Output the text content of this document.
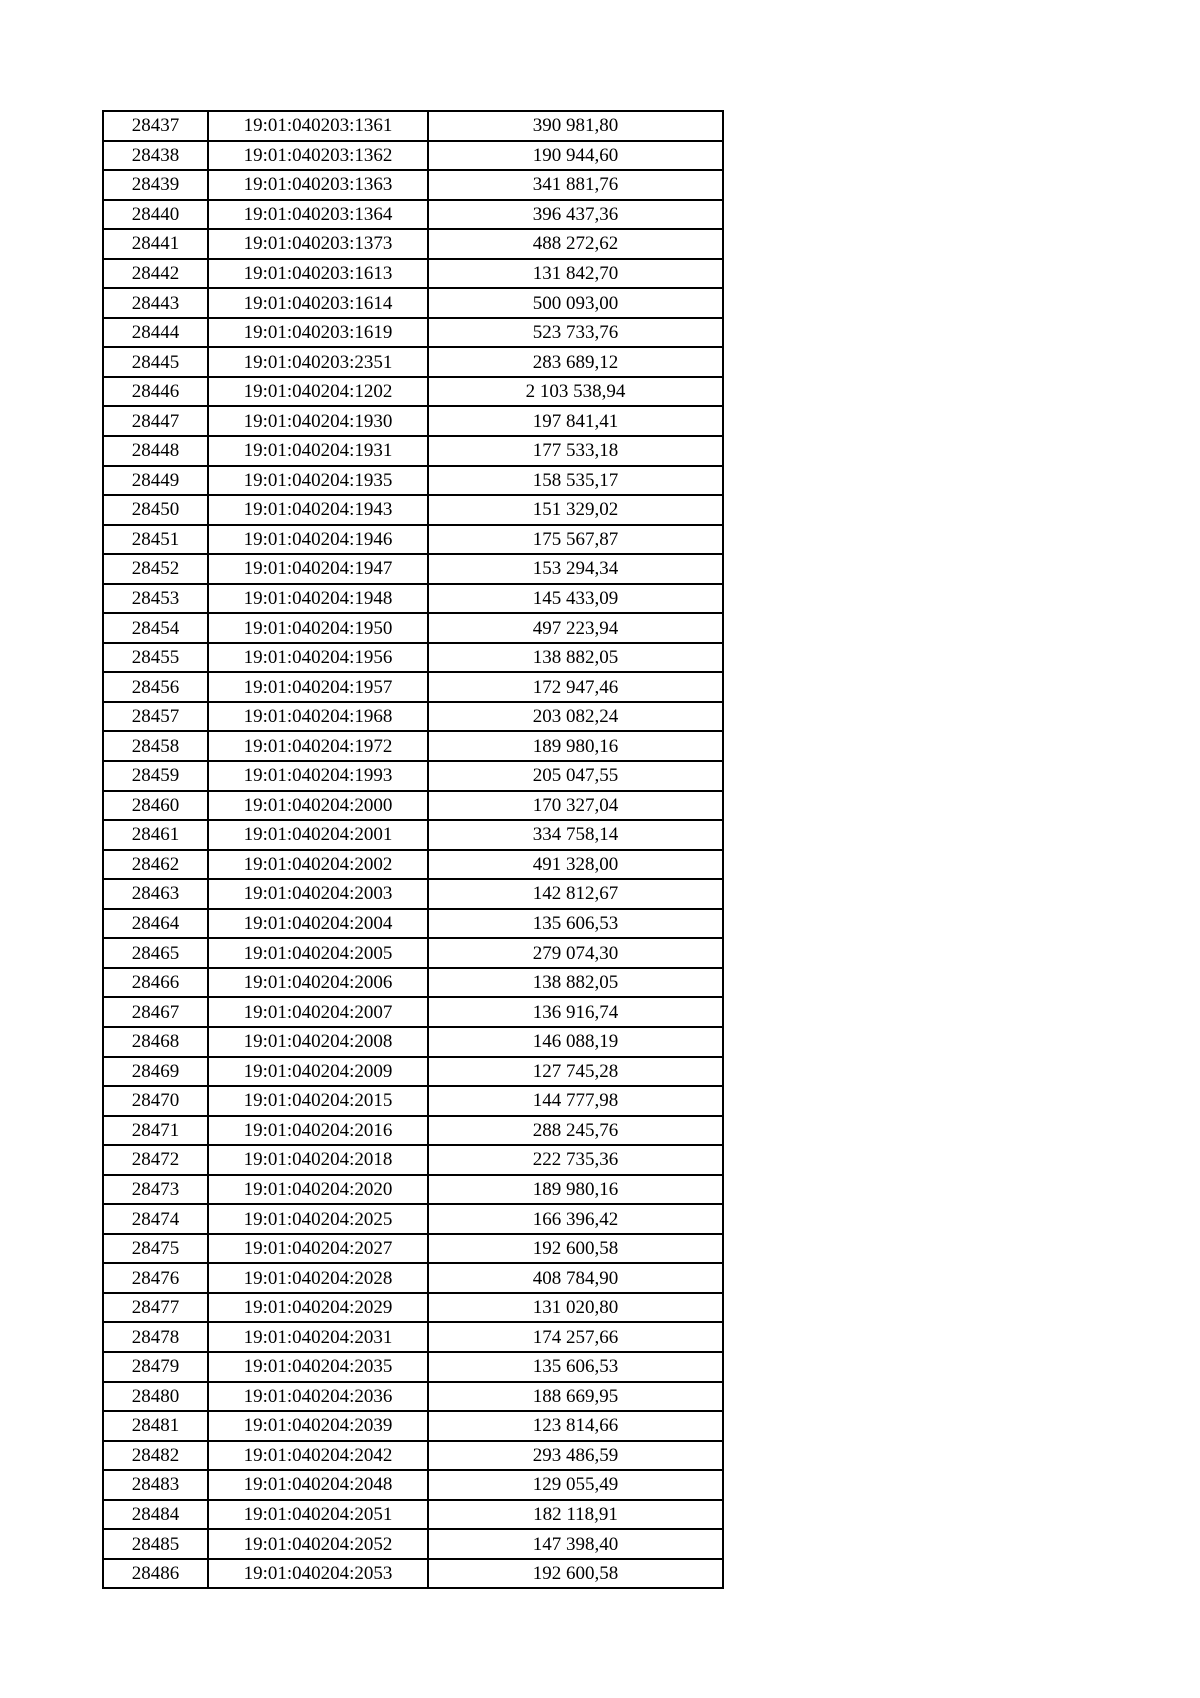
28437	19:01:040203:1361	390 981,80
28438	19:01:040203:1362	190 944,60
28439	19:01:040203:1363	341 881,76
28440	19:01:040203:1364	396 437,36
28441	19:01:040203:1373	488 272,62
28442	19:01:040203:1613	131 842,70
28443	19:01:040203:1614	500 093,00
28444	19:01:040203:1619	523 733,76
28445	19:01:040203:2351	283 689,12
28446	19:01:040204:1202	2 103 538,94
28447	19:01:040204:1930	197 841,41
28448	19:01:040204:1931	177 533,18
28449	19:01:040204:1935	158 535,17
28450	19:01:040204:1943	151 329,02
28451	19:01:040204:1946	175 567,87
28452	19:01:040204:1947	153 294,34
28453	19:01:040204:1948	145 433,09
28454	19:01:040204:1950	497 223,94
28455	19:01:040204:1956	138 882,05
28456	19:01:040204:1957	172 947,46
28457	19:01:040204:1968	203 082,24
28458	19:01:040204:1972	189 980,16
28459	19:01:040204:1993	205 047,55
28460	19:01:040204:2000	170 327,04
28461	19:01:040204:2001	334 758,14
28462	19:01:040204:2002	491 328,00
28463	19:01:040204:2003	142 812,67
28464	19:01:040204:2004	135 606,53
28465	19:01:040204:2005	279 074,30
28466	19:01:040204:2006	138 882,05
28467	19:01:040204:2007	136 916,74
28468	19:01:040204:2008	146 088,19
28469	19:01:040204:2009	127 745,28
28470	19:01:040204:2015	144 777,98
28471	19:01:040204:2016	288 245,76
28472	19:01:040204:2018	222 735,36
28473	19:01:040204:2020	189 980,16
28474	19:01:040204:2025	166 396,42
28475	19:01:040204:2027	192 600,58
28476	19:01:040204:2028	408 784,90
28477	19:01:040204:2029	131 020,80
28478	19:01:040204:2031	174 257,66
28479	19:01:040204:2035	135 606,53
28480	19:01:040204:2036	188 669,95
28481	19:01:040204:2039	123 814,66
28482	19:01:040204:2042	293 486,59
28483	19:01:040204:2048	129 055,49
28484	19:01:040204:2051	182 118,91
28485	19:01:040204:2052	147 398,40
28486	19:01:040204:2053	192 600,58
